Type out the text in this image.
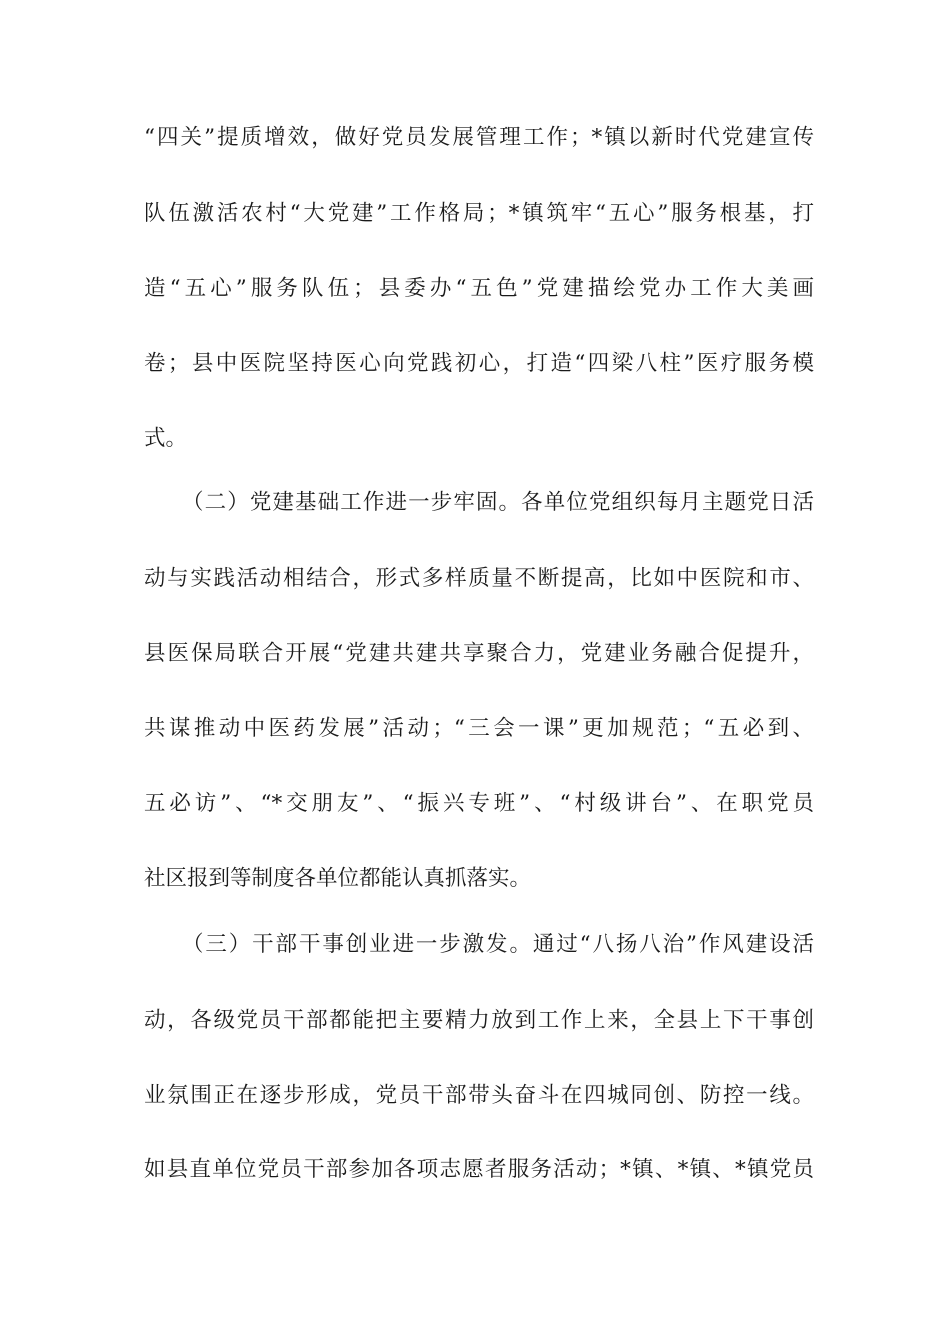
“四关”提质增效，做好党员发展管理工作；*镇以新时代党建宣传

队伍激活农村“大党建”工作格局；*镇筑牢“五心”服务根基，打

造“五心”服务队伍；县委办“五色”党建描绘党办工作大美画

卷；县中医院坚持医心向党践初心，打造“四梁八柱”医疗服务模

式。

（二）党建基础工作进一步牢固。各单位党组织每月主题党日活

动与实践活动相结合，形式多样质量不断提高，比如中医院和市、

县医保局联合开展“党建共建共享聚合力，党建业务融合促提升，

共谋推动中医药发展”活动；“三会一课”更加规范；“五必到、

五必访”、“*交朋友”、“振兴专班”、“村级讲台”、在职党员

社区报到等制度各单位都能认真抓落实。

（三）干部干事创业进一步激发。通过“八扬八治”作风建设活

动，各级党员干部都能把主要精力放到工作上来，全县上下干事创

业氛围正在逐步形成，党员干部带头奋斗在四城同创、防控一线。

如县直单位党员干部参加各项志愿者服务活动；*镇、*镇、*镇党员
